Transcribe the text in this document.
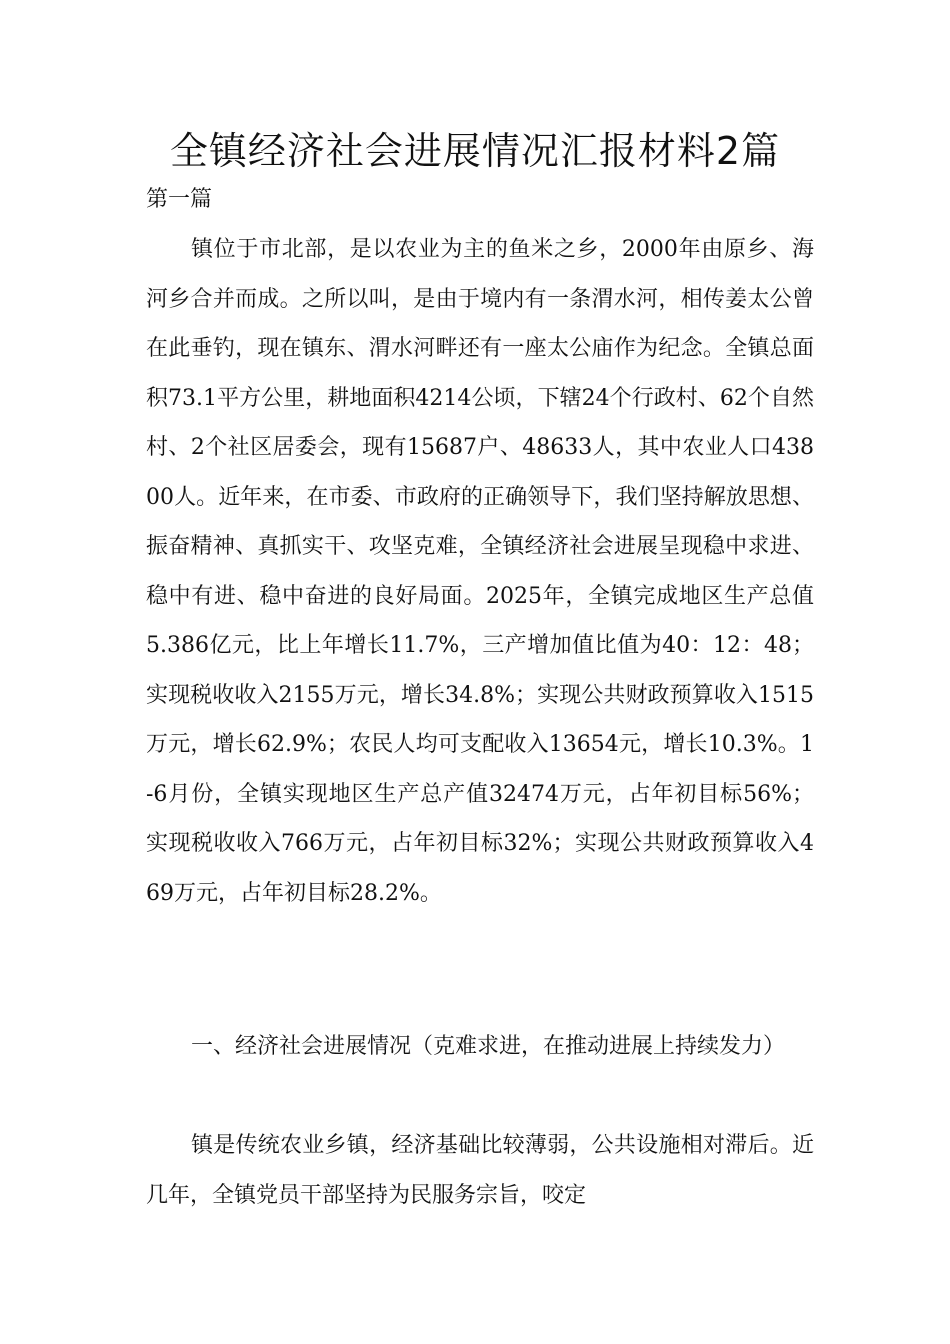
全镇经济社会进展情况汇报材料2篇

第一篇

镇位于市北部，是以农业为主的鱼米之乡，2000年由原乡、海河乡合并而成。之所以叫，是由于境内有一条渭水河，相传姜太公曾在此垂钓，现在镇东、渭水河畔还有一座太公庙作为纪念。全镇总面积73.1平方公里，耕地面积4214公顷，下辖24个行政村、62个自然村、2个社区居委会，现有15687户、48633人，其中农业人口43800人。近年来，在市委、市政府的正确领导下，我们坚持解放思想、振奋精神、真抓实干、攻坚克难，全镇经济社会进展呈现稳中求进、稳中有进、稳中奋进的良好局面。2025年，全镇完成地区生产总值5.386亿元，比上年增长11.7%，三产增加值比值为40：12：48；实现税收收入2155万元，增长34.8%；实现公共财政预算收入1515万元，增长62.9%；农民人均可支配收入13654元，增长10.3%。1-6月份，全镇实现地区生产总产值32474万元，占年初目标56%；实现税收收入766万元，占年初目标32%；实现公共财政预算收入469万元，占年初目标28.2%。

一、经济社会进展情况（克难求进，在推动进展上持续发力）

镇是传统农业乡镇，经济基础比较薄弱，公共设施相对滞后。近几年，全镇党员干部坚持为民服务宗旨，咬定
